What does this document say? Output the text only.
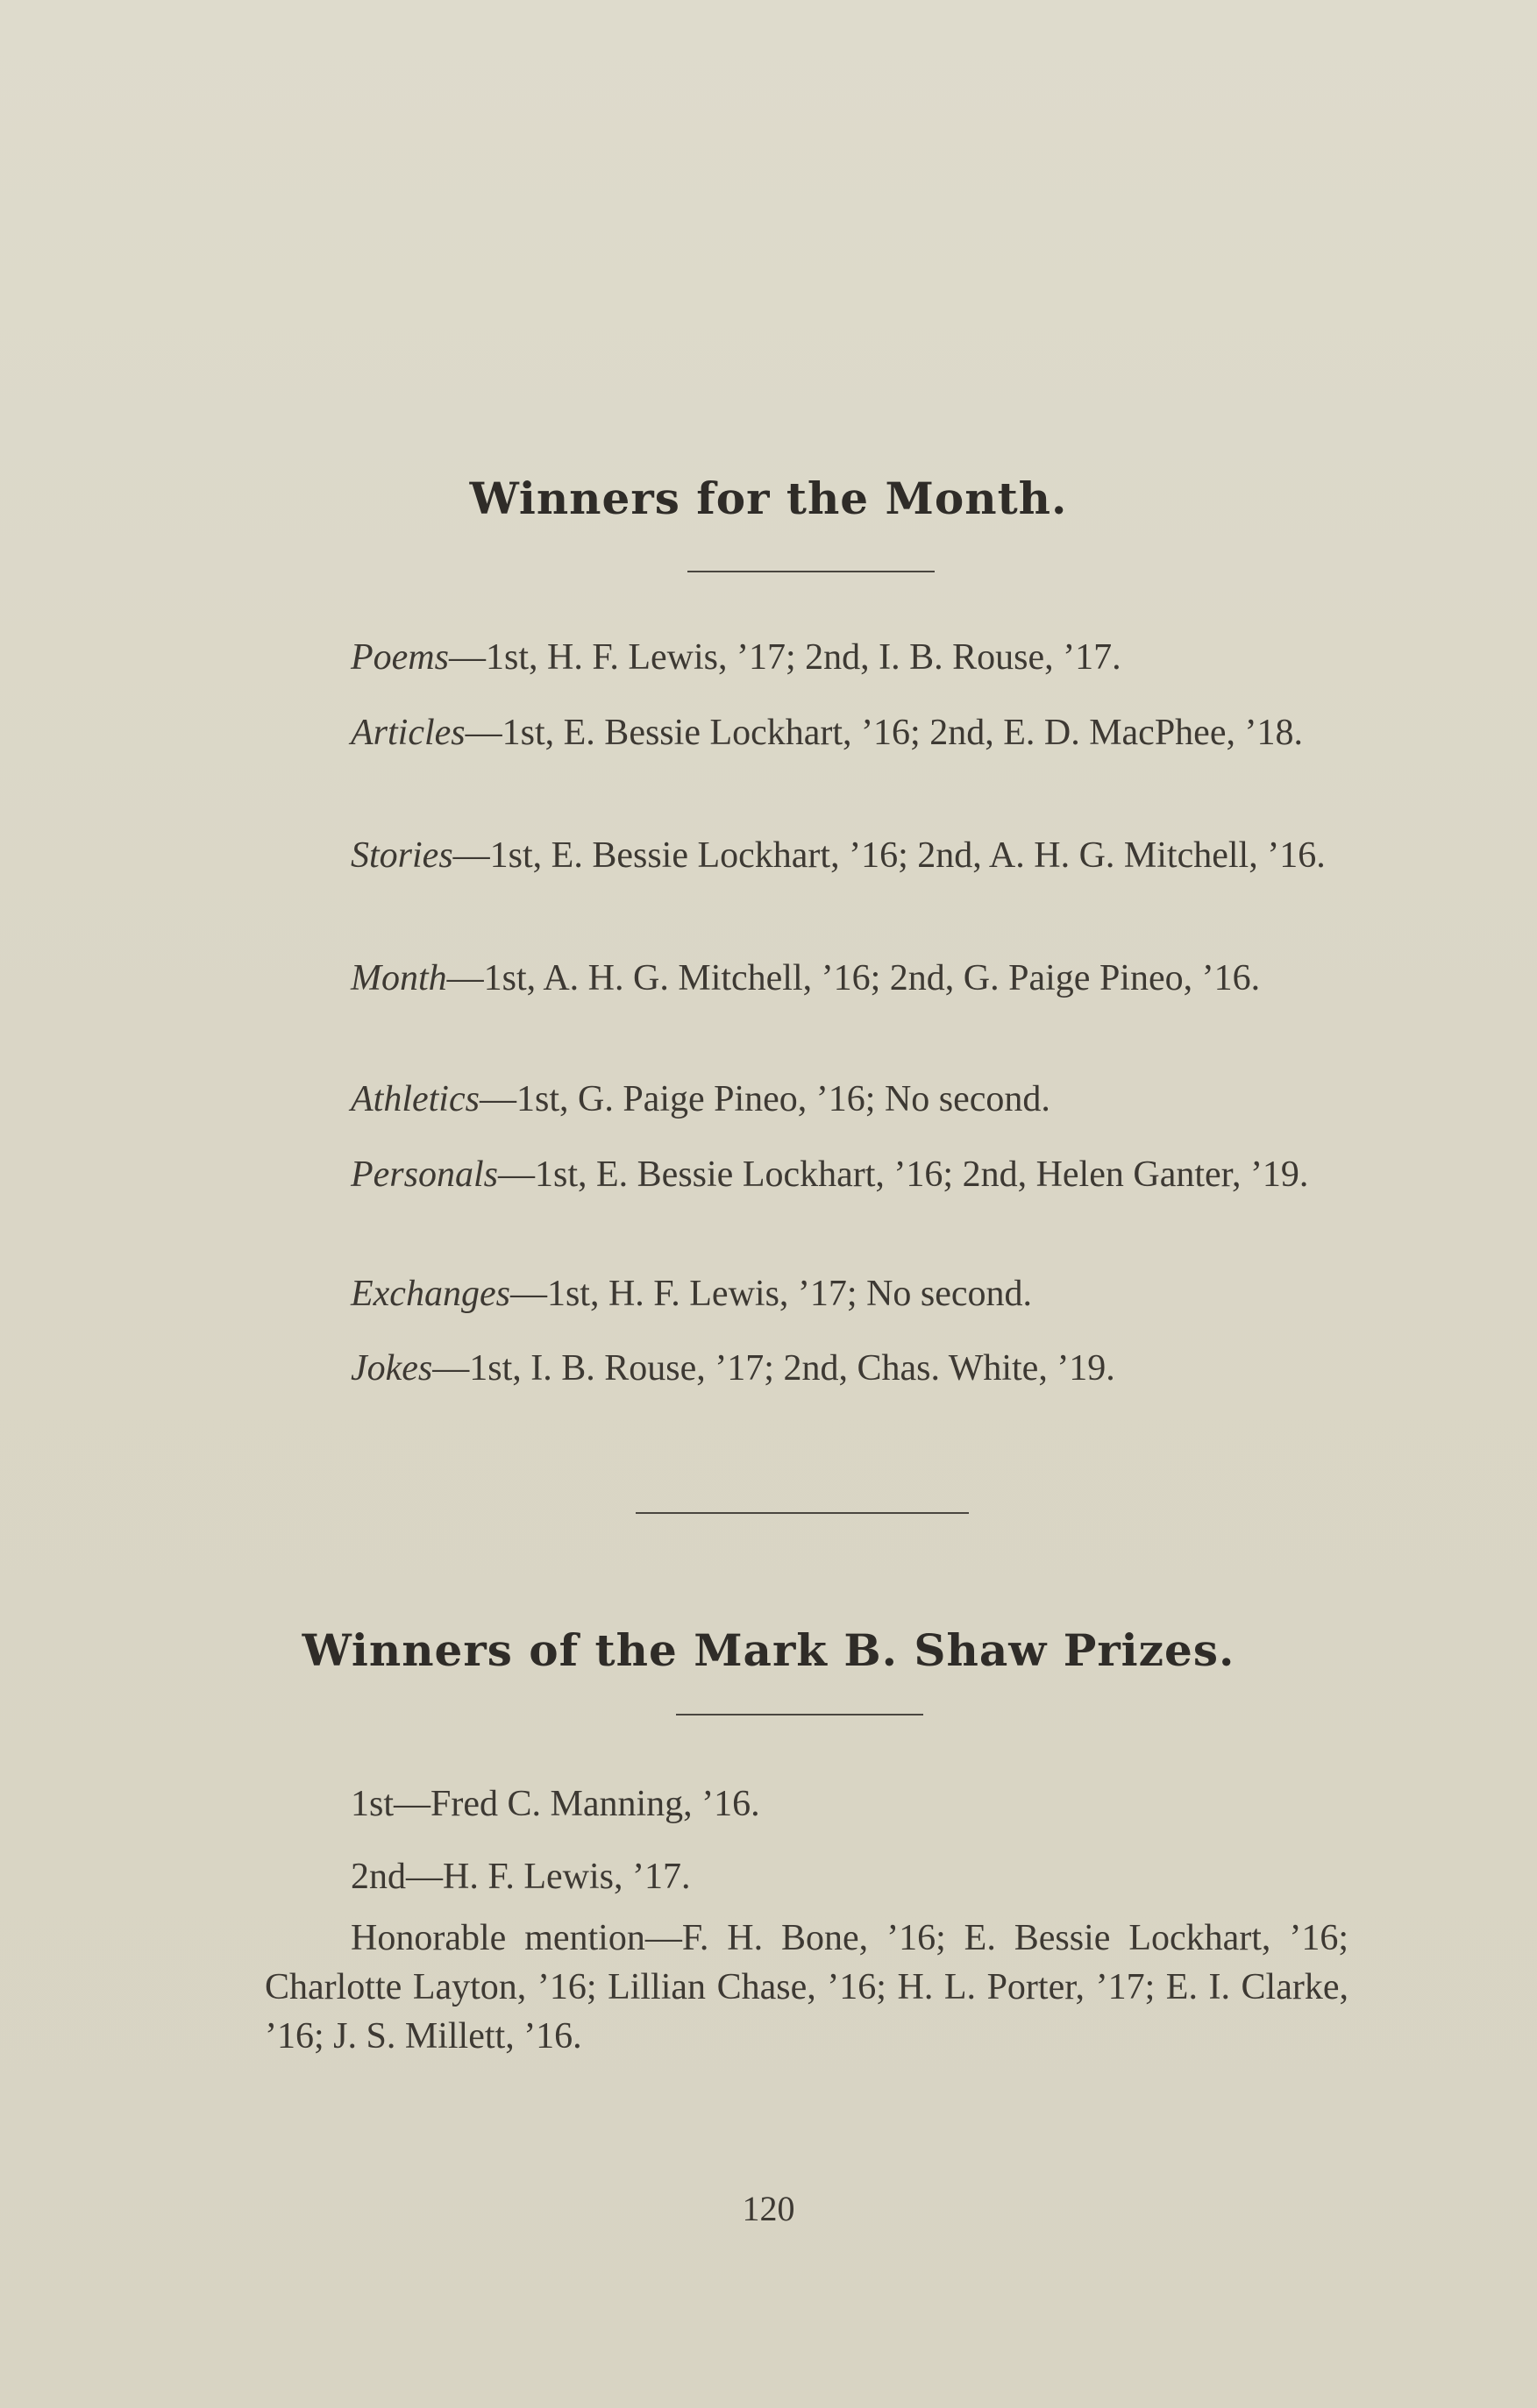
Winners for the Month.

Poems—1st, H. F. Lewis, ’17; 2nd, I. B. Rouse, ’17.

Articles—1st, E. Bessie Lockhart, ’16; 2nd, E. D. MacPhee, ’18.

Stories—1st, E. Bessie Lockhart, ’16; 2nd, A. H. G. Mitchell, ’16.

Month—1st, A. H. G. Mitchell, ’16; 2nd, G. Paige Pineo, ’16.

Athletics—1st, G. Paige Pineo, ’16; No second.

Personals—1st, E. Bessie Lockhart, ’16; 2nd, Helen Ganter, ’19.

Exchanges—1st, H. F. Lewis, ’17; No second.

Jokes—1st, I. B. Rouse, ’17; 2nd, Chas. White, ’19.

Winners of the Mark B. Shaw Prizes.

1st—Fred C. Manning, ’16.

2nd—H. F. Lewis, ’17.

Honorable mention—F. H. Bone, ’16; E. Bessie Lockhart, ’16; Charlotte Layton, ’16; Lillian Chase, ’16; H. L. Porter, ’17; E. I. Clarke, ’16; J. S. Millett, ’16.

120
